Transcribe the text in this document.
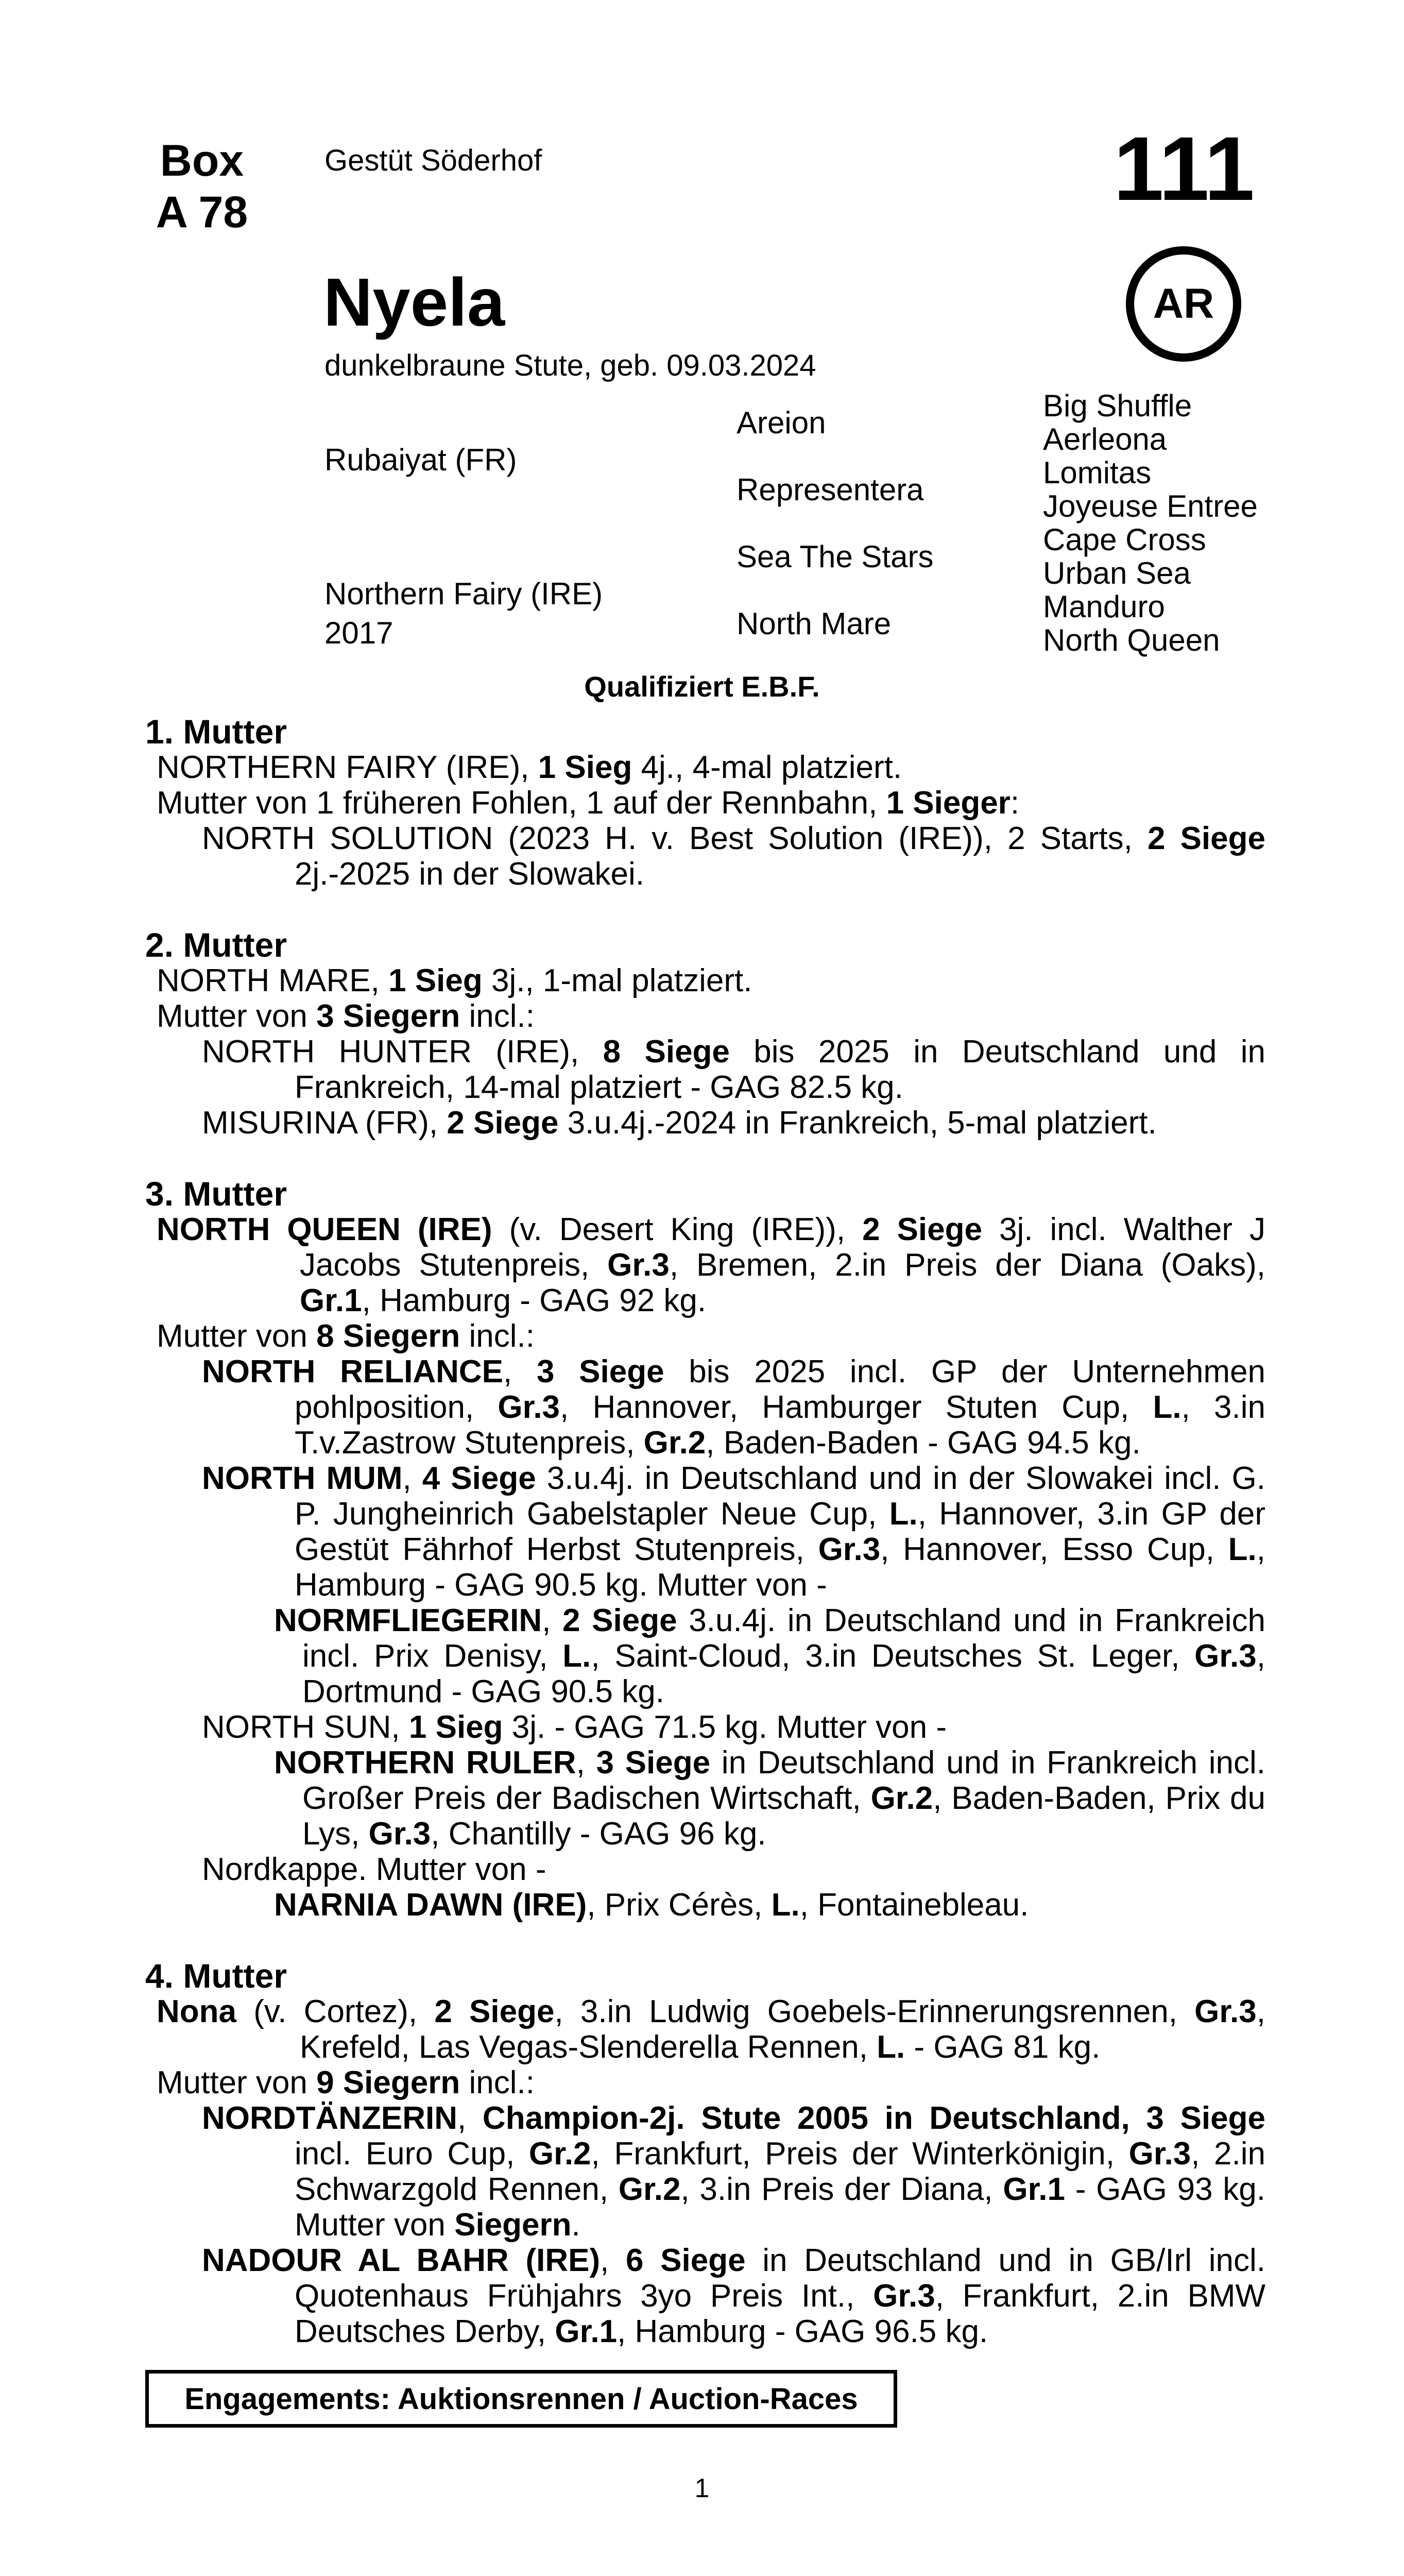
Box
A 78
Gestüt Söderhof	111
AR
Nyela
dunkelbraune Stute, geb. 09.03.2024
Rubaiyat (FR)
Northern Fairy (IRE)
2017
Areion
Representera
Sea The Stars
North Mare
Big Shuffle
Aerleona
Lomitas
Joyeuse Entree
Cape Cross
Urban Sea
Manduro
North Queen
Qualifiziert E.B.F.
1. Mutter
NORTHERN FAIRY (IRE), 1 Sieg 4j., 4-mal platziert.
Mutter von 1 früheren Fohlen, 1 auf der Rennbahn, 1 Sieger:
NORTH SOLUTION (2023 H. v. Best Solution (IRE)), 2 Starts, 2 Siege 2j.-2025 in der Slowakei.
2. Mutter
NORTH MARE, 1 Sieg 3j., 1-mal platziert.
Mutter von 3 Siegern incl.:
NORTH HUNTER (IRE), 8 Siege bis 2025 in Deutschland und in Frankreich, 14-mal platziert - GAG 82.5 kg.
MISURINA (FR), 2 Siege 3.u.4j.-2024 in Frankreich, 5-mal platziert.
3. Mutter
NORTH QUEEN (IRE) (v. Desert King (IRE)), 2 Siege 3j. incl. Walther J Jacobs Stutenpreis, Gr.3, Bremen, 2.in Preis der Diana (Oaks), Gr.1, Hamburg - GAG 92 kg.
Mutter von 8 Siegern incl.:
NORTH RELIANCE, 3 Siege bis 2025 incl. GP der Unternehmen pohlposition, Gr.3, Hannover, Hamburger Stuten Cup, L., 3.in T.v.Zastrow Stutenpreis, Gr.2, Baden-Baden - GAG 94.5 kg.
NORTH MUM, 4 Siege 3.u.4j. in Deutschland und in der Slowakei incl. G. P. Jungheinrich Gabelstapler Neue Cup, L., Hannover, 3.in GP der Gestüt Fährhof Herbst Stutenpreis, Gr.3, Hannover, Esso Cup, L., Hamburg - GAG 90.5 kg. Mutter von -
NORMFLIEGERIN, 2 Siege 3.u.4j. in Deutschland und in Frankreich incl. Prix Denisy, L., Saint-Cloud, 3.in Deutsches St. Leger, Gr.3, Dortmund - GAG 90.5 kg.
NORTH SUN, 1 Sieg 3j. - GAG 71.5 kg. Mutter von -
NORTHERN RULER, 3 Siege in Deutschland und in Frankreich incl. Großer Preis der Badischen Wirtschaft, Gr.2, Baden-Baden, Prix du Lys, Gr.3, Chantilly - GAG 96 kg.
Nordkappe. Mutter von -
NARNIA DAWN (IRE), Prix Cérès, L., Fontainebleau.
4. Mutter
Nona (v. Cortez), 2 Siege, 3.in Ludwig Goebels-Erinnerungsrennen, Gr.3, Krefeld, Las Vegas-Slenderella Rennen, L. - GAG 81 kg.
Mutter von 9 Siegern incl.:
NORDTÄNZERIN, Champion-2j. Stute 2005 in Deutschland, 3 Siege incl. Euro Cup, Gr.2, Frankfurt, Preis der Winterkönigin, Gr.3, 2.in Schwarzgold Rennen, Gr.2, 3.in Preis der Diana, Gr.1 - GAG 93 kg. Mutter von Siegern.
NADOUR AL BAHR (IRE), 6 Siege in Deutschland und in GB/Irl incl. Quotenhaus Frühjahrs 3yo Preis Int., Gr.3, Frankfurt, 2.in BMW Deutsches Derby, Gr.1, Hamburg - GAG 96.5 kg.
Engagements: Auktionsrennen / Auction-Races
1
